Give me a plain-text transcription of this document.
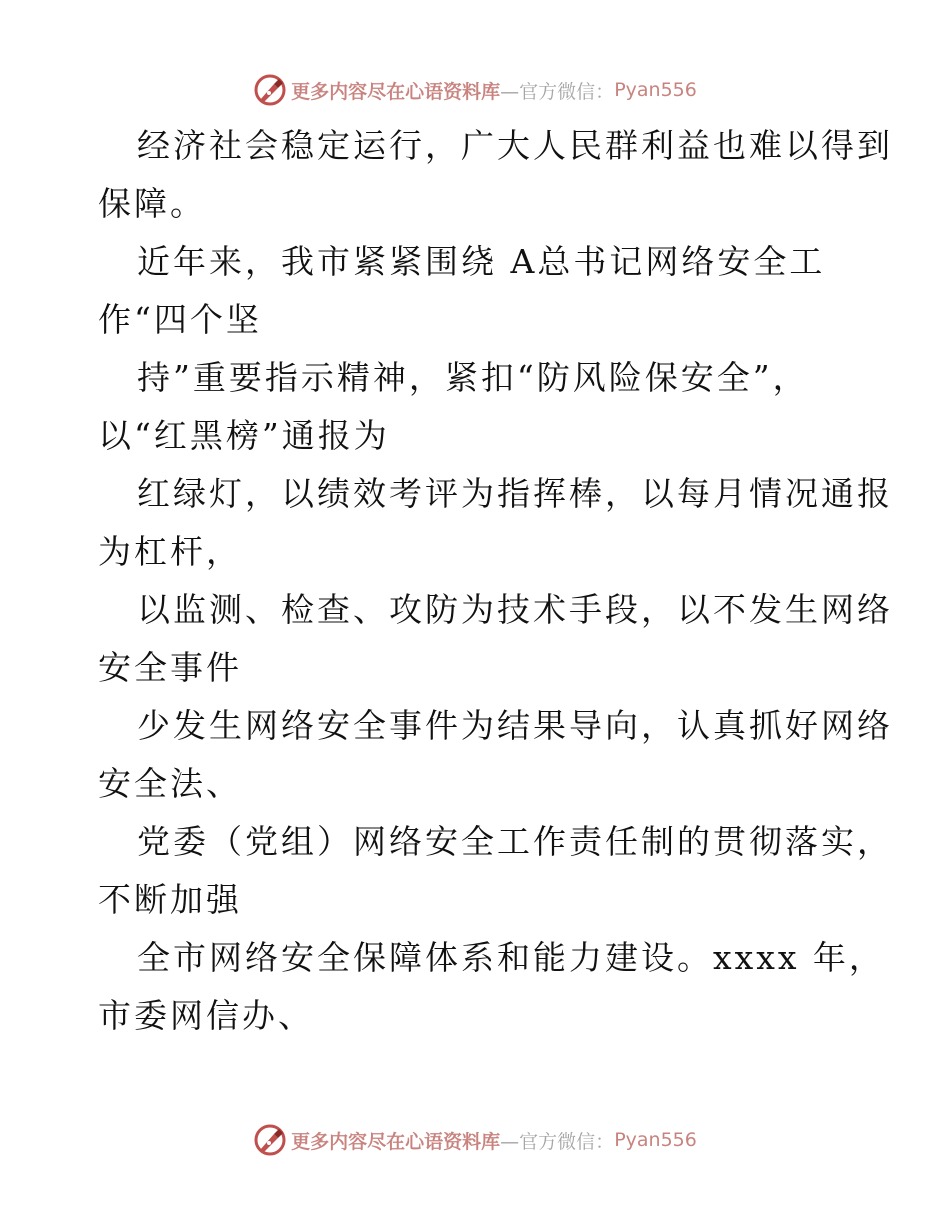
更多内容尽在心语资料库 —官方微信： Pyan556
经济社会稳定运行，广大人民群利益也难以得到
保障。
近年来，我市紧紧围绕 A总书记网络安全工
作“四个坚
持”重要指示精神，紧扣“防风险保安全”，
以“红黑榜”通报为
红绿灯，以绩效考评为指挥棒，以每月情况通报
为杠杆，
以监测、检查、攻防为技术手段，以不发生网络
安全事件
少发生网络安全事件为结果导向，认真抓好网络
安全法、
党委（党组）网络安全工作责任制的贯彻落实，
不断加强
全市网络安全保障体系和能力建设。xxxx 年，
市委网信办、
更多内容尽在心语资料库 —官方微信： Pyan556
